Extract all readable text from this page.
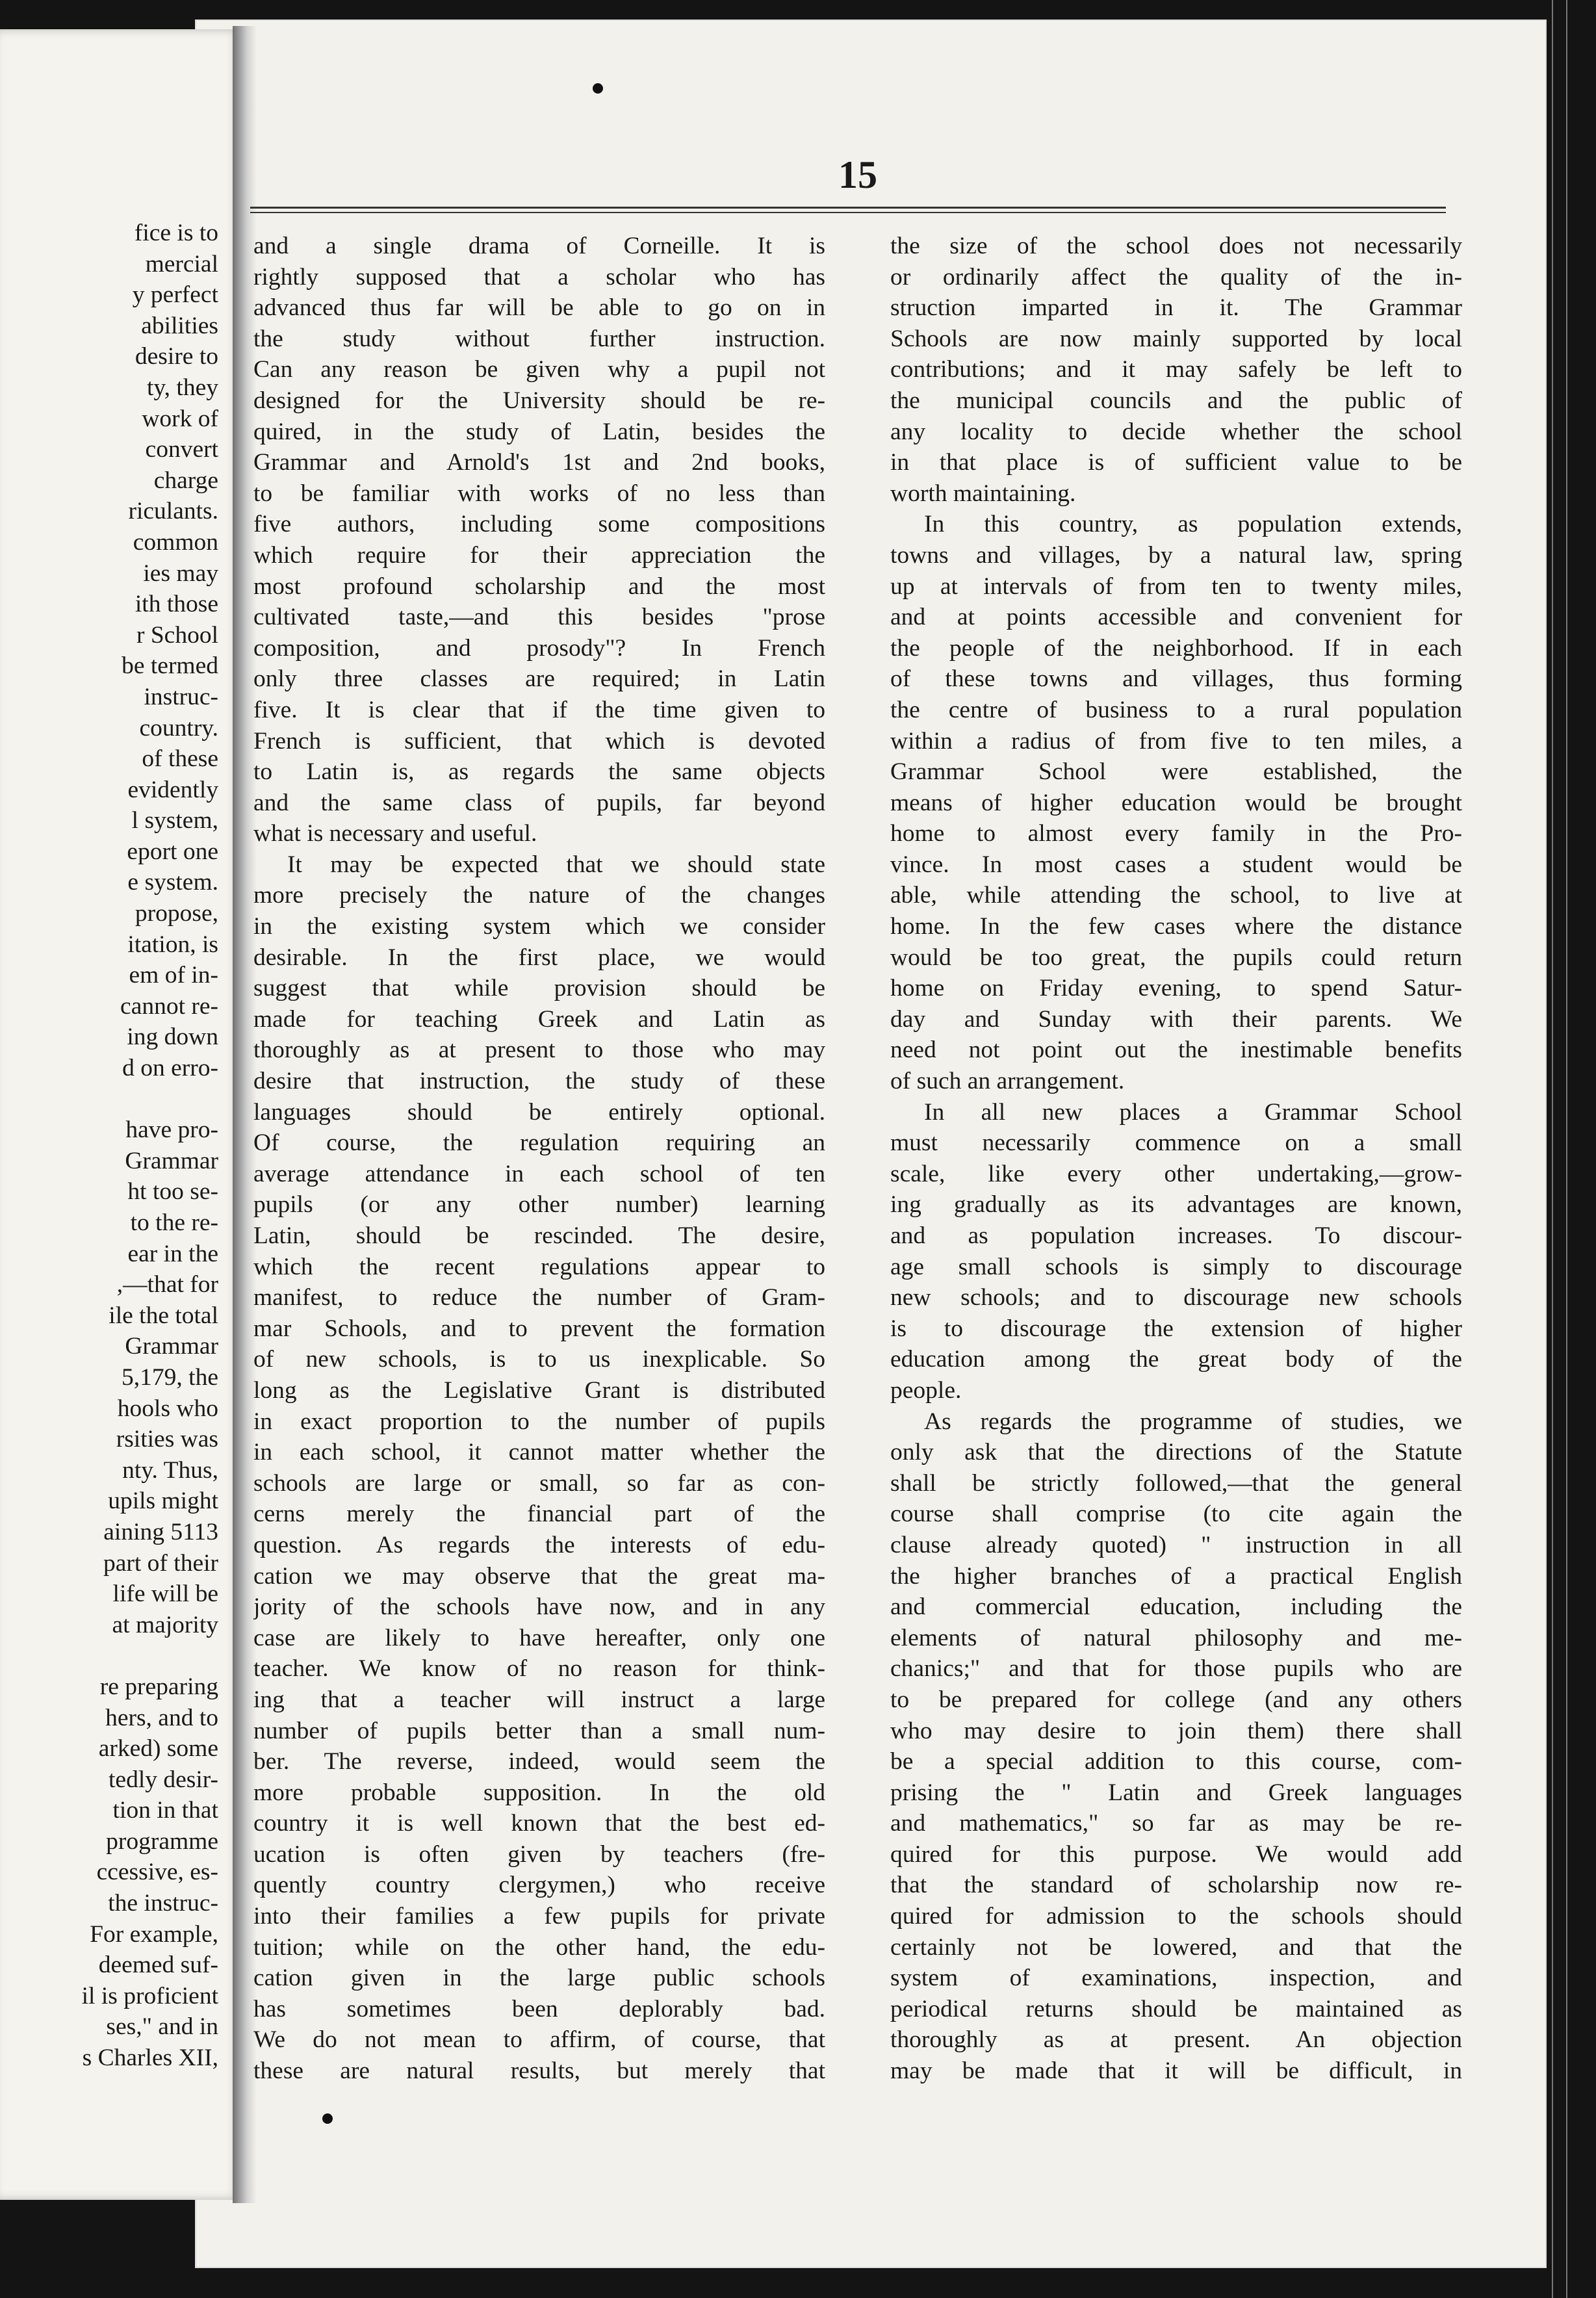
fice is to
mercial
y perfect
abilities
desire to
ty, they
work of
convert
charge
riculants.
common
ies may
ith those
r School
be termed
instruc-
country.
of these
evidently
l system,
eport one
e system.
propose,
itation, is
em of in-
cannot re-
ing down
d on erro-
have pro-
Grammar
ht too se-
to the re-
ear in the
,—that for
ile the total
Grammar
5,179, the
hools who
rsities was
nty. Thus,
upils might
aining 5113
part of their
life will be
at majority
re preparing
hers, and to
arked) some
tedly desir-
tion in that
programme
ccessive, es-
the instruc-
For example,
deemed suf-
il is proficient
ses," and in
s Charles XII,
15
and a single drama of Corneille. It is
rightly supposed that a scholar who has
advanced thus far will be able to go on in
the study without further instruction.
Can any reason be given why a pupil not
designed for the University should be re-
quired, in the study of Latin, besides the
Grammar and Arnold's 1st and 2nd books,
to be familiar with works of no less than
five authors, including some compositions
which require for their appreciation the
most profound scholarship and the most
cultivated taste,—and this besides "prose
composition, and prosody"? In French
only three classes are required; in Latin
five. It is clear that if the time given to
French is sufficient, that which is devoted
to Latin is, as regards the same objects
and the same class of pupils, far beyond
what is necessary and useful.
It may be expected that we should state
more precisely the nature of the changes
in the existing system which we consider
desirable. In the first place, we would
suggest that while provision should be
made for teaching Greek and Latin as
thoroughly as at present to those who may
desire that instruction, the study of these
languages should be entirely optional.
Of course, the regulation requiring an
average attendance in each school of ten
pupils (or any other number) learning
Latin, should be rescinded. The desire,
which the recent regulations appear to
manifest, to reduce the number of Gram-
mar Schools, and to prevent the formation
of new schools, is to us inexplicable. So
long as the Legislative Grant is distributed
in exact proportion to the number of pupils
in each school, it cannot matter whether the
schools are large or small, so far as con-
cerns merely the financial part of the
question. As regards the interests of edu-
cation we may observe that the great ma-
jority of the schools have now, and in any
case are likely to have hereafter, only one
teacher. We know of no reason for think-
ing that a teacher will instruct a large
number of pupils better than a small num-
ber. The reverse, indeed, would seem the
more probable supposition. In the old
country it is well known that the best ed-
ucation is often given by teachers (fre-
quently country clergymen,) who receive
into their families a few pupils for private
tuition; while on the other hand, the edu-
cation given in the large public schools
has sometimes been deplorably bad.
We do not mean to affirm, of course, that
these are natural results, but merely that
the size of the school does not necessarily
or ordinarily affect the quality of the in-
struction imparted in it. The Grammar
Schools are now mainly supported by local
contributions; and it may safely be left to
the municipal councils and the public of
any locality to decide whether the school
in that place is of sufficient value to be
worth maintaining.
In this country, as population extends,
towns and villages, by a natural law, spring
up at intervals of from ten to twenty miles,
and at points accessible and convenient for
the people of the neighborhood. If in each
of these towns and villages, thus forming
the centre of business to a rural population
within a radius of from five to ten miles, a
Grammar School were established, the
means of higher education would be brought
home to almost every family in the Pro-
vince. In most cases a student would be
able, while attending the school, to live at
home. In the few cases where the distance
would be too great, the pupils could return
home on Friday evening, to spend Satur-
day and Sunday with their parents. We
need not point out the inestimable benefits
of such an arrangement.
In all new places a Grammar School
must necessarily commence on a small
scale, like every other undertaking,—grow-
ing gradually as its advantages are known,
and as population increases. To discour-
age small schools is simply to discourage
new schools; and to discourage new schools
is to discourage the extension of higher
education among the great body of the
people.
As regards the programme of studies, we
only ask that the directions of the Statute
shall be strictly followed,—that the general
course shall comprise (to cite again the
clause already quoted) " instruction in all
the higher branches of a practical English
and commercial education, including the
elements of natural philosophy and me-
chanics;" and that for those pupils who are
to be prepared for college (and any others
who may desire to join them) there shall
be a special addition to this course, com-
prising the " Latin and Greek languages
and mathematics," so far as may be re-
quired for this purpose. We would add
that the standard of scholarship now re-
quired for admission to the schools should
certainly not be lowered, and that the
system of examinations, inspection, and
periodical returns should be maintained as
thoroughly as at present. An objection
may be made that it will be difficult, in
